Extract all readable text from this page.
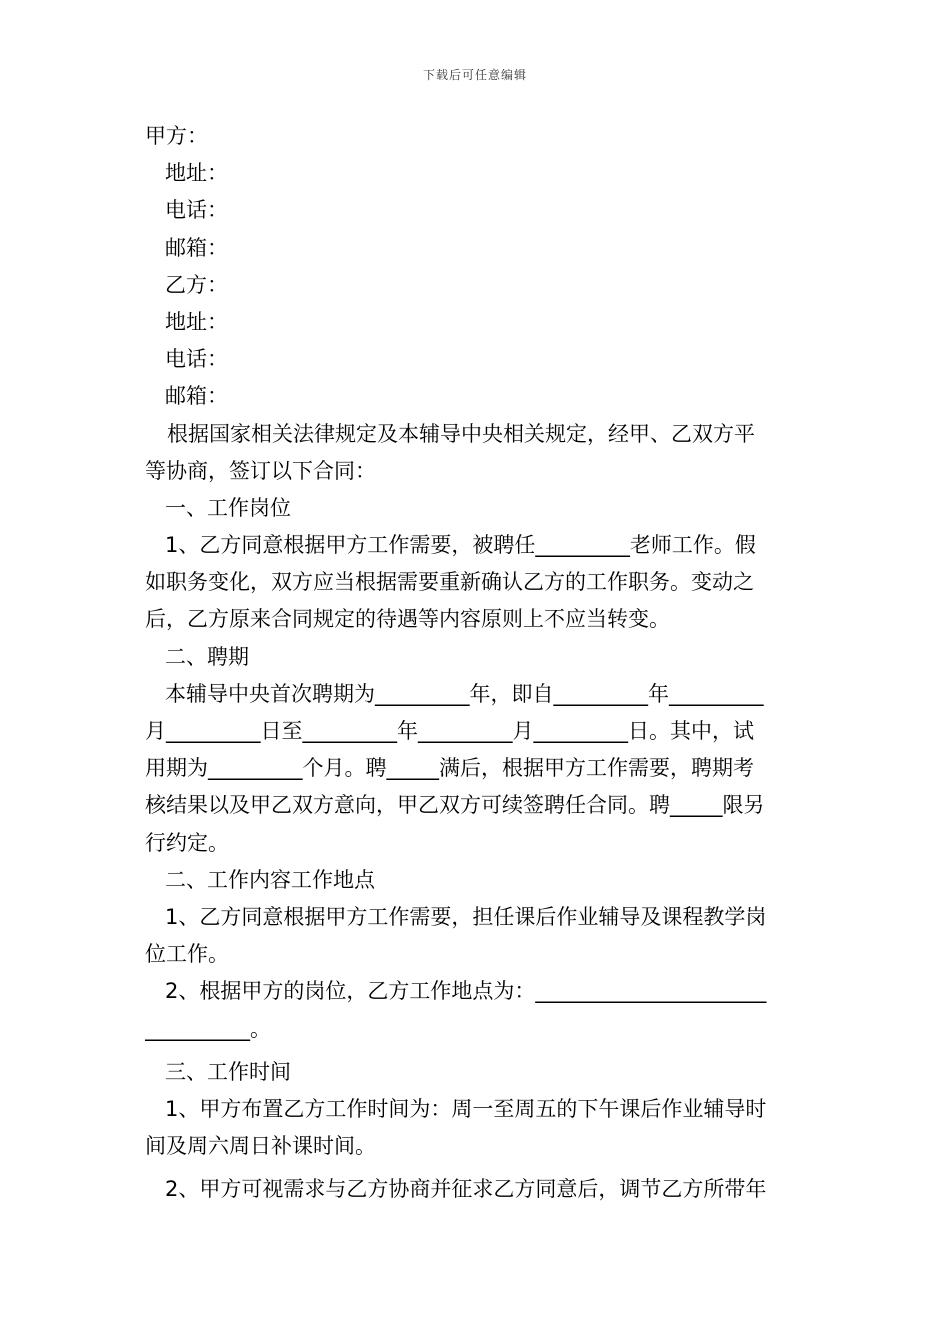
下载后可任意编辑
甲方：
地址：
电话：
邮箱：
乙方：
地址：
电话：
邮箱：
根据国家相关法律规定及本辅导中央相关规定，经甲、乙双方平
等协商，签订以下合同：
一、工作岗位
1、乙方同意根据甲方工作需要，被聘任_________老师工作。假
如职务变化，双方应当根据需要重新确认乙方的工作职务。变动之
后，乙方原来合同规定的待遇等内容原则上不应当转变。
二、聘期
本辅导中央首次聘期为_________年，即自_________年_________
月_________日至_________年_________月_________日。其中，试
用期为_________个月。聘_____满后，根据甲方工作需要，聘期考
核结果以及甲乙双方意向，甲乙双方可续签聘任合同。聘_____限另
行约定。
二、工作内容工作地点
1、乙方同意根据甲方工作需要，担任课后作业辅导及课程教学岗
位工作。
2、根据甲方的岗位，乙方工作地点为：______________________
__________。
三、工作时间
1、甲方布置乙方工作时间为：周一至周五的下午课后作业辅导时
间及周六周日补课时间。
2、甲方可视需求与乙方协商并征求乙方同意后，调节乙方所带年
